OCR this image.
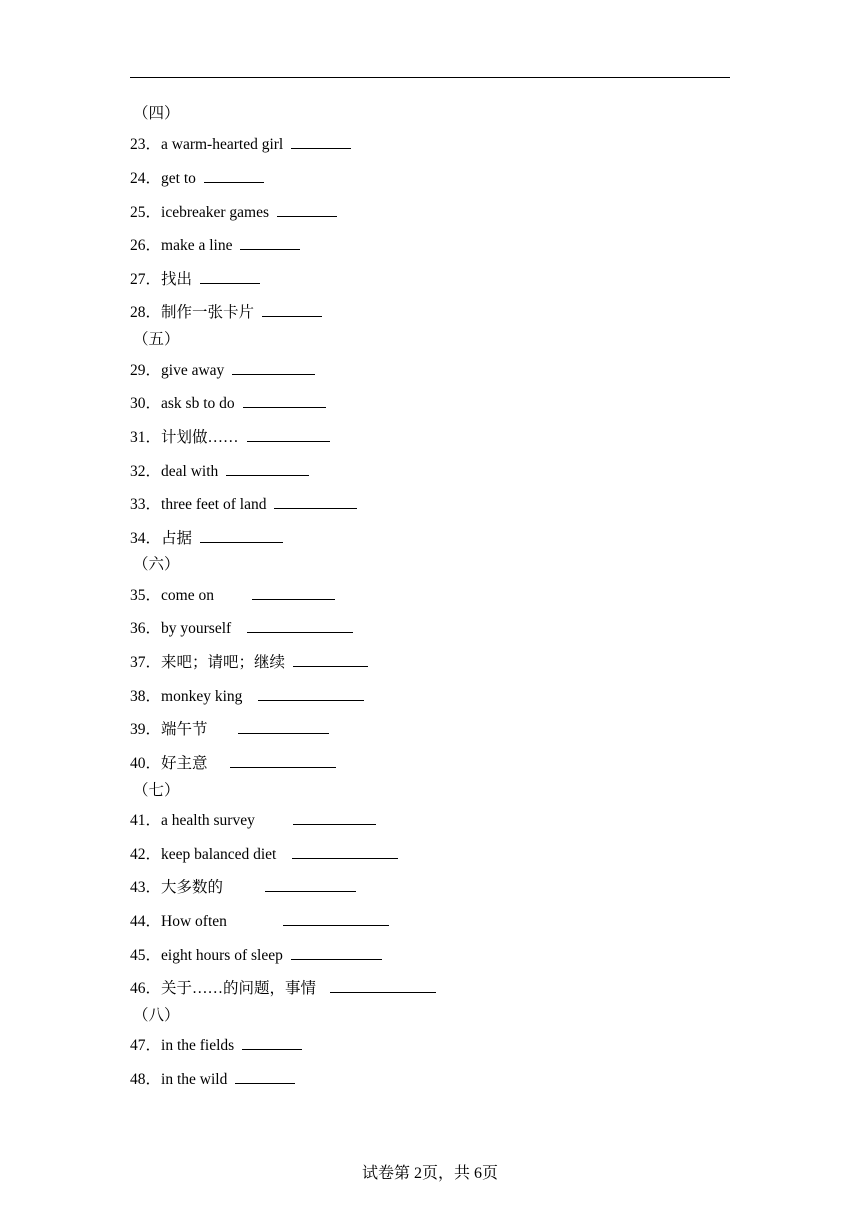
（四）
23．a warm-hearted girl
24．get to
25．icebreaker games
26．make a line
27．找出
28．制作一张卡片
（五）
29．give away
30．ask sb to do
31．计划做……
32．deal with
33．three feet of land
34．占据
（六）
35．come on
36．by yourself
37．来吧；请吧；继续
38．monkey king
39．端午节
40．好主意
（七）
41．a health survey
42．keep balanced diet
43．大多数的
44．How often
45．eight hours of sleep
46．关于……的问题，事情
（八）
47．in the fields
48．in the wild
试卷第 2页，共 6页
